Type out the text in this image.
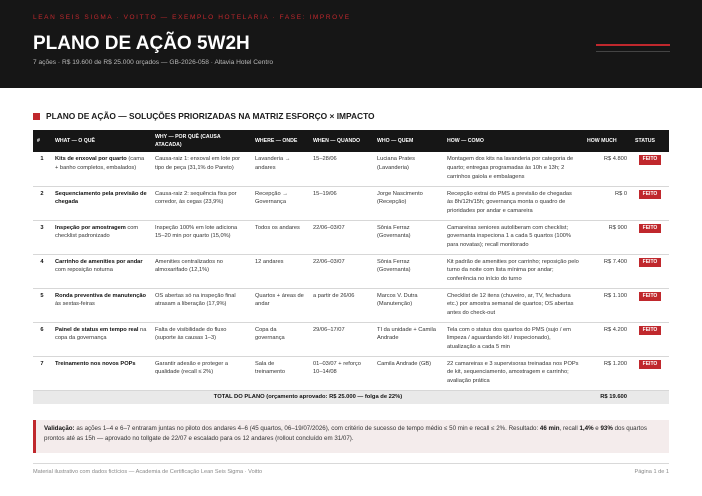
LEAN SEIS SIGMA · VOITTO — EXEMPLO HOTELARIA · FASE: IMPROVE
PLANO DE AÇÃO 5W2H
7 ações · R$ 19.600 de R$ 25.000 orçados — GB-2026-058 · Altavia Hotel Centro
PLANO DE AÇÃO — SOLUÇÕES PRIORIZADAS NA MATRIZ ESFORÇO × IMPACTO
#	WHAT — O QUÊ	WHY — POR QUÊ (CAUSA ATACADA)	WHERE — ONDE	WHEN — QUANDO	WHO — QUEM	HOW — COMO	HOW MUCH	STATUS
1	Kits de enxoval por quarto (cama + banho completos, embalados)	Causa-raiz 1: enxoval em lote por tipo de peça (31,1% do Pareto)	Lavanderia → andares	15–28/06	Luciana Prates (Lavanderia)	Montagem dos kits na lavanderia por categoria de quarto; entregas programadas às 10h e 13h; 2 carrinhos gaiola e embalagens	R$ 4.800	FEITO
2	Sequenciamento pela previsão de chegada	Causa-raiz 2: sequência fixa por corredor, às cegas (23,9%)	Recepção → Governança	15–19/06	Jorge Nascimento (Recepção)	Recepção extrai do PMS a previsão de chegadas às 8h/12h/15h; governança monta o quadro de prioridades por andar e camareira	R$ 0	FEITO
3	Inspeção por amostragem com checklist padronizado	Inspeção 100% em lote adiciona 15–20 min por quarto (15,0%)	Todos os andares	22/06–03/07	Sônia Ferraz (Governanta)	Camareiras seniores autoliberam com checklist; governanta inspeciona 1 a cada 5 quartos (100% para novatas); recall monitorado	R$ 900	FEITO
4	Carrinho de amenities por andar com reposição noturna	Amenities centralizados no almoxarifado (12,1%)	12 andares	22/06–03/07	Sônia Ferraz (Governanta)	Kit padrão de amenities por carrinho; reposição pelo turno da noite com lista mínima por andar; conferência no início do turno	R$ 7.400	FEITO
5	Ronda preventiva de manutenção às sextas-feiras	OS abertas só na inspeção final atrasam a liberação (17,9%)	Quartos + áreas de andar	a partir de 26/06	Marcos V. Dutra (Manutenção)	Checklist de 12 itens (chuveiro, ar, TV, fechadura etc.) por amostra semanal de quartos; OS abertas antes do check-out	R$ 1.100	FEITO
6	Painel de status em tempo real na copa da governança	Falta de visibilidade do fluxo (suporte às causas 1–3)	Copa da governança	29/06–17/07	TI da unidade + Camila Andrade	Tela com o status dos quartos do PMS (sujo / em limpeza / aguardando kit / inspecionado), atualização a cada 5 min	R$ 4.200	FEITO
7	Treinamento nos novos POPs	Garantir adesão e proteger a qualidade (recall ≤ 2%)	Sala de treinamento	01–03/07 + reforço 10–14/08	Camila Andrade (GB)	22 camareiras e 3 supervisoras treinadas nos POPs de kit, sequenciamento, amostragem e carrinho; avaliação prática	R$ 1.200	FEITO
TOTAL DO PLANO (orçamento aprovado: R$ 25.000 — folga de 22%)							R$ 19.600	
Validação: as ações 1–4 e 6–7 entraram juntas no piloto dos andares 4–6 (45 quartos, 06–19/07/2026), com critério de sucesso de tempo médio ≤ 50 min e recall ≤ 2%. Resultado: 46 min, recall 1,4% e 93% dos quartos prontos até as 15h — aprovado no tollgate de 22/07 e escalado para os 12 andares (rollout concluído em 31/07).
Material ilustrativo com dados fictícios — Academia de Certificação Lean Seis Sigma · Voitto	Página 1 de 1
